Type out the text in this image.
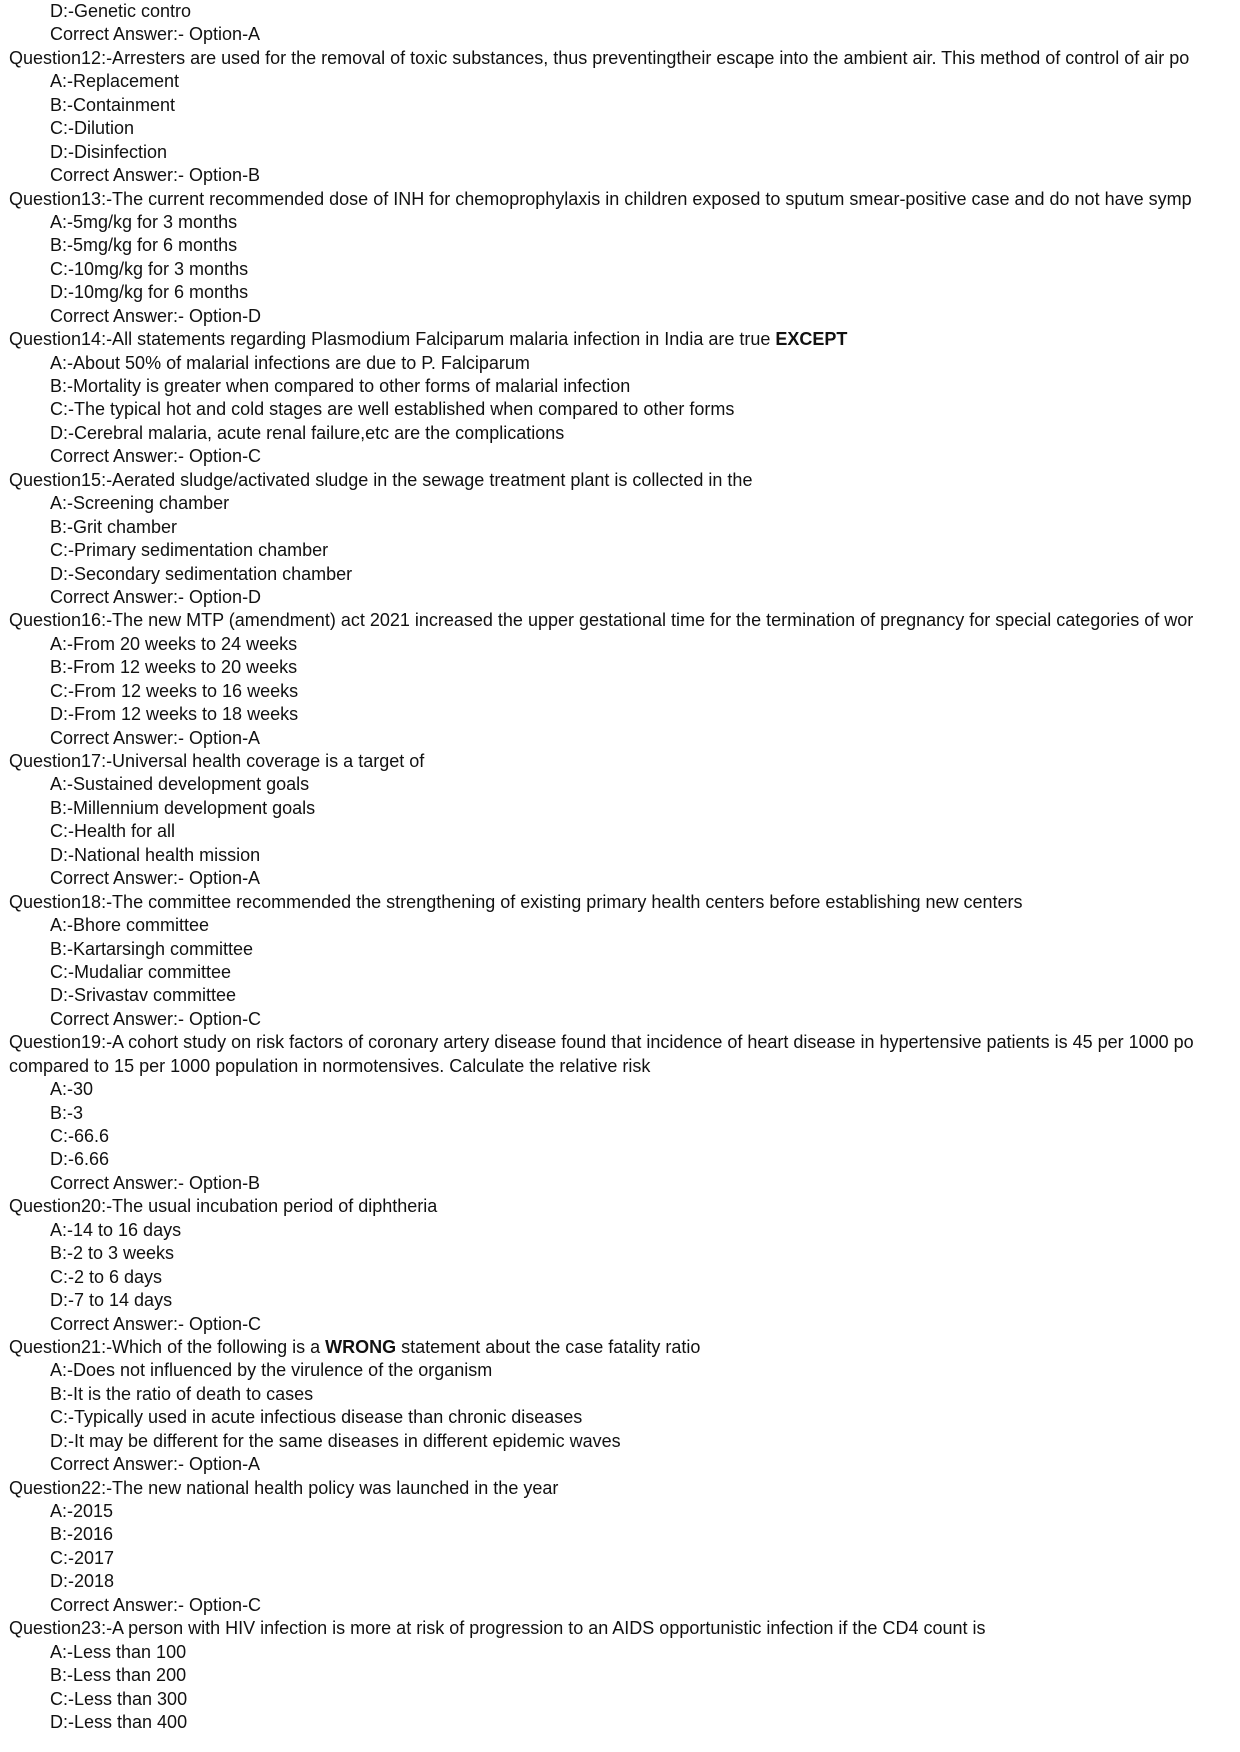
D:-Genetic contro
Correct Answer:- Option-A
Question12:-Arresters are used for the removal of toxic substances, thus preventingtheir escape into the ambient air. This method of control of air po
A:-Replacement
B:-Containment
C:-Dilution
D:-Disinfection
Correct Answer:- Option-B
Question13:-The current recommended dose of INH for chemoprophylaxis in children exposed to sputum smear-positive case and do not have symp
A:-5mg/kg for 3 months
B:-5mg/kg for 6 months
C:-10mg/kg for 3 months
D:-10mg/kg for 6 months
Correct Answer:- Option-D
Question14:-All statements regarding Plasmodium Falciparum malaria infection in India are true EXCEPT
A:-About 50% of malarial infections are due to P. Falciparum
B:-Mortality is greater when compared to other forms of malarial infection
C:-The typical hot and cold stages are well established when compared to other forms
D:-Cerebral malaria, acute renal failure,etc are the complications
Correct Answer:- Option-C
Question15:-Aerated sludge/activated sludge in the sewage treatment plant is collected in the
A:-Screening chamber
B:-Grit chamber
C:-Primary sedimentation chamber
D:-Secondary sedimentation chamber
Correct Answer:- Option-D
Question16:-The new MTP (amendment) act 2021 increased the upper gestational time for the termination of pregnancy for special categories of wor
A:-From 20 weeks to 24 weeks
B:-From 12 weeks to 20 weeks
C:-From 12 weeks to 16 weeks
D:-From 12 weeks to 18 weeks
Correct Answer:- Option-A
Question17:-Universal health coverage is a target of
A:-Sustained development goals
B:-Millennium development goals
C:-Health for all
D:-National health mission
Correct Answer:- Option-A
Question18:-The committee recommended the strengthening of existing primary health centers before establishing new centers
A:-Bhore committee
B:-Kartarsingh committee
C:-Mudaliar committee
D:-Srivastav committee
Correct Answer:- Option-C
Question19:-A cohort study on risk factors of coronary artery disease found that incidence of heart disease in hypertensive patients is 45 per 1000 po
compared to 15 per 1000 population in normotensives. Calculate the relative risk
A:-30
B:-3
C:-66.6
D:-6.66
Correct Answer:- Option-B
Question20:-The usual incubation period of diphtheria
A:-14 to 16 days
B:-2 to 3 weeks
C:-2 to 6 days
D:-7 to 14 days
Correct Answer:- Option-C
Question21:-Which of the following is a WRONG statement about the case fatality ratio
A:-Does not influenced by the virulence of the organism
B:-It is the ratio of death to cases
C:-Typically used in acute infectious disease than chronic diseases
D:-It may be different for the same diseases in different epidemic waves
Correct Answer:- Option-A
Question22:-The new national health policy was launched in the year
A:-2015
B:-2016
C:-2017
D:-2018
Correct Answer:- Option-C
Question23:-A person with HIV infection is more at risk of progression to an AIDS opportunistic infection if the CD4 count is
A:-Less than 100
B:-Less than 200
C:-Less than 300
D:-Less than 400
